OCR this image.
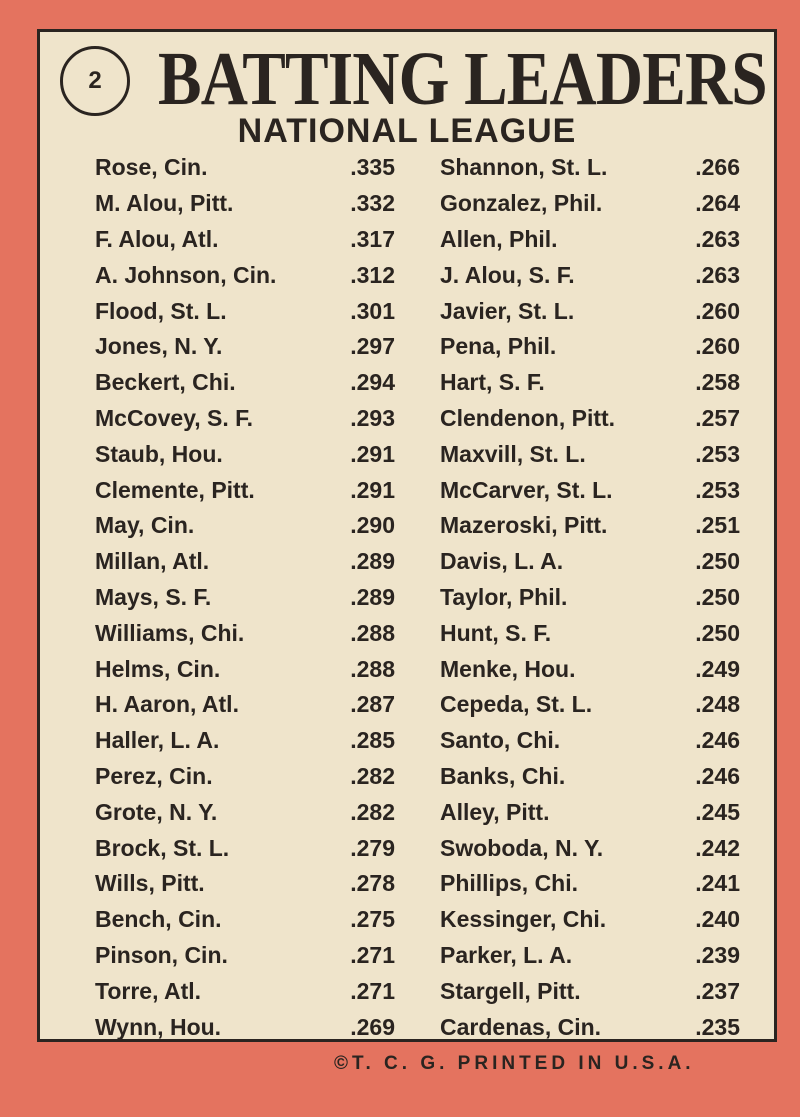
2 BATTING LEADERS
NATIONAL LEAGUE
Rose, Cin.	.335
M. Alou, Pitt.	.332
F. Alou, Atl.	.317
A. Johnson, Cin.	.312
Flood, St. L.	.301
Jones, N. Y.	.297
Beckert, Chi.	.294
McCovey, S. F.	.293
Staub, Hou.	.291
Clemente, Pitt.	.291
May, Cin.	.290
Millan, Atl.	.289
Mays, S. F.	.289
Williams, Chi.	.288
Helms, Cin.	.288
H. Aaron, Atl.	.287
Haller, L. A.	.285
Perez, Cin.	.282
Grote, N. Y.	.282
Brock, St. L.	.279
Wills, Pitt.	.278
Bench, Cin.	.275
Pinson, Cin.	.271
Torre, Atl.	.271
Wynn, Hou.	.269
Shannon, St. L.	.266
Gonzalez, Phil.	.264
Allen, Phil.	.263
J. Alou, S. F.	.263
Javier, St. L.	.260
Pena, Phil.	.260
Hart, S. F.	.258
Clendenon, Pitt.	.257
Maxvill, St. L.	.253
McCarver, St. L.	.253
Mazeroski, Pitt.	.251
Davis, L. A.	.250
Taylor, Phil.	.250
Hunt, S. F.	.250
Menke, Hou.	.249
Cepeda, St. L.	.248
Santo, Chi.	.246
Banks, Chi.	.246
Alley, Pitt.	.245
Swoboda, N. Y.	.242
Phillips, Chi.	.241
Kessinger, Chi.	.240
Parker, L. A.	.239
Stargell, Pitt.	.237
Cardenas, Cin.	.235
©T. C. G. PRINTED IN U.S.A.
